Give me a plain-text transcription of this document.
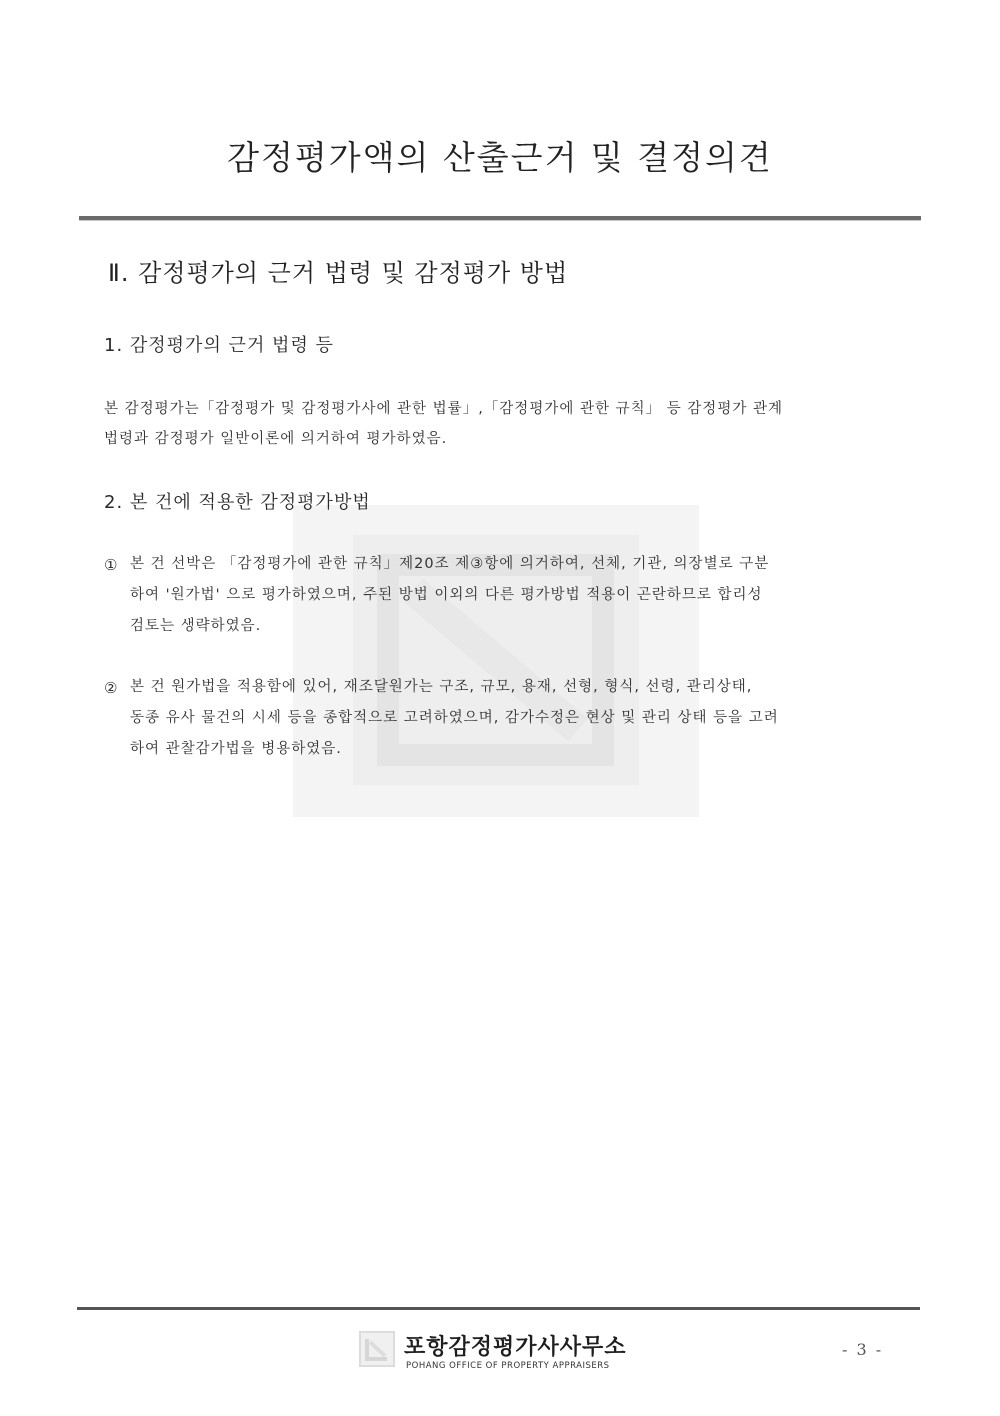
감정평가액의 산출근거 및 결정의견
Ⅱ. 감정평가의 근거 법령 및 감정평가 방법
1. 감정평가의 근거 법령 등
본 감정평가는「감정평가 및 감정평가사에 관한 법률」,「감정평가에 관한 규칙」 등 감정평가 관계
법령과 감정평가 일반이론에 의거하여 평가하였음.
2. 본 건에 적용한 감정평가방법
① 본 건 선박은 「감정평가에 관한 규칙」제20조 제③항에 의거하여, 선체, 기관, 의장별로 구분
하여 '원가법' 으로 평가하였으며, 주된 방법 이외의 다른 평가방법 적용이 곤란하므로 합리성
검토는 생략하였음.
② 본 건 원가법을 적용함에 있어, 재조달원가는 구조, 규모, 용재, 선형, 형식, 선령, 관리상태,
동종 유사 물건의 시세 등을 종합적으로 고려하였으며, 감가수정은 현상 및 관리 상태 등을 고려
하여 관찰감가법을 병용하였음.
포항감정평가사사무소
POHANG OFFICE OF PROPERTY APPRAISERS
- 3 -
